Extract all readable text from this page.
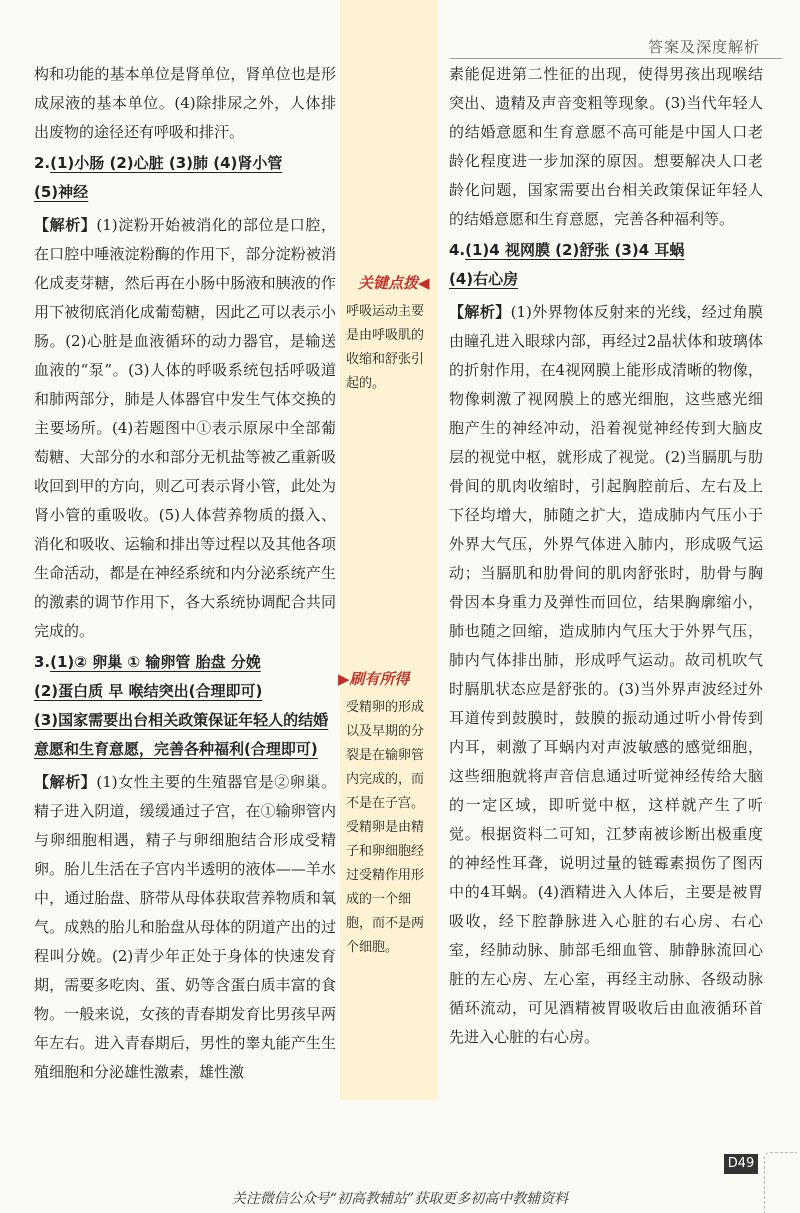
答案及深度解析

构和功能的基本单位是肾单位，肾单位也是形成尿液的基本单位。(4)除排尿之外，人体排出废物的途径还有呼吸和排汗。

2.(1)小肠 (2)心脏 (3)肺 (4)肾小管
(5)神经

【解析】(1)淀粉开始被消化的部位是口腔，在口腔中唾液淀粉酶的作用下，部分淀粉被消化成麦芽糖，然后再在小肠中肠液和胰液的作用下被彻底消化成葡萄糖，因此乙可以表示小肠。(2)心脏是血液循环的动力器官，是输送血液的“泵”。(3)人体的呼吸系统包括呼吸道和肺两部分，肺是人体器官中发生气体交换的主要场所。(4)若题图中①表示原尿中全部葡萄糖、大部分的水和部分无机盐等被乙重新吸收回到甲的方向，则乙可表示肾小管，此处为肾小管的重吸收。(5)人体营养物质的摄入、消化和吸收、运输和排出等过程以及其他各项生命活动，都是在神经系统和内分泌系统产生的激素的调节作用下，各大系统协调配合共同完成的。

3.(1)② 卵巢 ① 输卵管 胎盘 分娩
(2)蛋白质 早 喉结突出(合理即可)
(3)国家需要出台相关政策保证年轻人的结婚意愿和生育意愿，完善各种福利(合理即可)

【解析】(1)女性主要的生殖器官是②卵巢。精子进入阴道，缓缓通过子宫，在①输卵管内与卵细胞相遇，精子与卵细胞结合形成受精卵。胎儿生活在子宫内半透明的液体——羊水中，通过胎盘、脐带从母体获取营养物质和氧气。成熟的胎儿和胎盘从母体的阴道产出的过程叫分娩。(2)青少年正处于身体的快速发育期，需要多吃肉、蛋、奶等含蛋白质丰富的食物。一般来说，女孩的青春期发育比男孩早两年左右。进入青春期后，男性的睾丸能产生生殖细胞和分泌雄性激素，雄性激

关键点拨◀
呼吸运动主要是由呼吸肌的收缩和舒张引起的。
▶刷有所得
受精卵的形成以及早期的分裂是在输卵管内完成的，而不是在子宫。受精卵是由精子和卵细胞经过受精作用形成的一个细胞，而不是两个细胞。

素能促进第二性征的出现，使得男孩出现喉结突出、遗精及声音变粗等现象。(3)当代年轻人的结婚意愿和生育意愿不高可能是中国人口老龄化程度进一步加深的原因。想要解决人口老龄化问题，国家需要出台相关政策保证年轻人的结婚意愿和生育意愿，完善各种福利等。

4.(1)4 视网膜 (2)舒张 (3)4 耳蜗
(4)右心房

【解析】(1)外界物体反射来的光线，经过角膜由瞳孔进入眼球内部，再经过2晶状体和玻璃体的折射作用，在4视网膜上能形成清晰的物像，物像刺激了视网膜上的感光细胞，这些感光细胞产生的神经冲动，沿着视觉神经传到大脑皮层的视觉中枢，就形成了视觉。(2)当膈肌与肋骨间的肌肉收缩时，引起胸腔前后、左右及上下径均增大，肺随之扩大，造成肺内气压小于外界大气压，外界气体进入肺内，形成吸气运动；当膈肌和肋骨间的肌肉舒张时，肋骨与胸骨因本身重力及弹性而回位，结果胸廓缩小，肺也随之回缩，造成肺内气压大于外界气压，肺内气体排出肺，形成呼气运动。故司机吹气时膈肌状态应是舒张的。(3)当外界声波经过外耳道传到鼓膜时，鼓膜的振动通过听小骨传到内耳，刺激了耳蜗内对声波敏感的感觉细胞，这些细胞就将声音信息通过听觉神经传给大脑的一定区域，即听觉中枢，这样就产生了听觉。根据资料二可知，江梦南被诊断出极重度的神经性耳聋，说明过量的链霉素损伤了图丙中的4耳蜗。(4)酒精进入人体后，主要是被胃吸收，经下腔静脉进入心脏的右心房、右心室，经肺动脉、肺部毛细血管、肺静脉流回心脏的左心房、左心室，再经主动脉、各级动脉循环流动，可见酒精被胃吸收后由血液循环首先进入心脏的右心房。

D49
关注微信公众号“初高教辅站”获取更多初高中教辅资料
